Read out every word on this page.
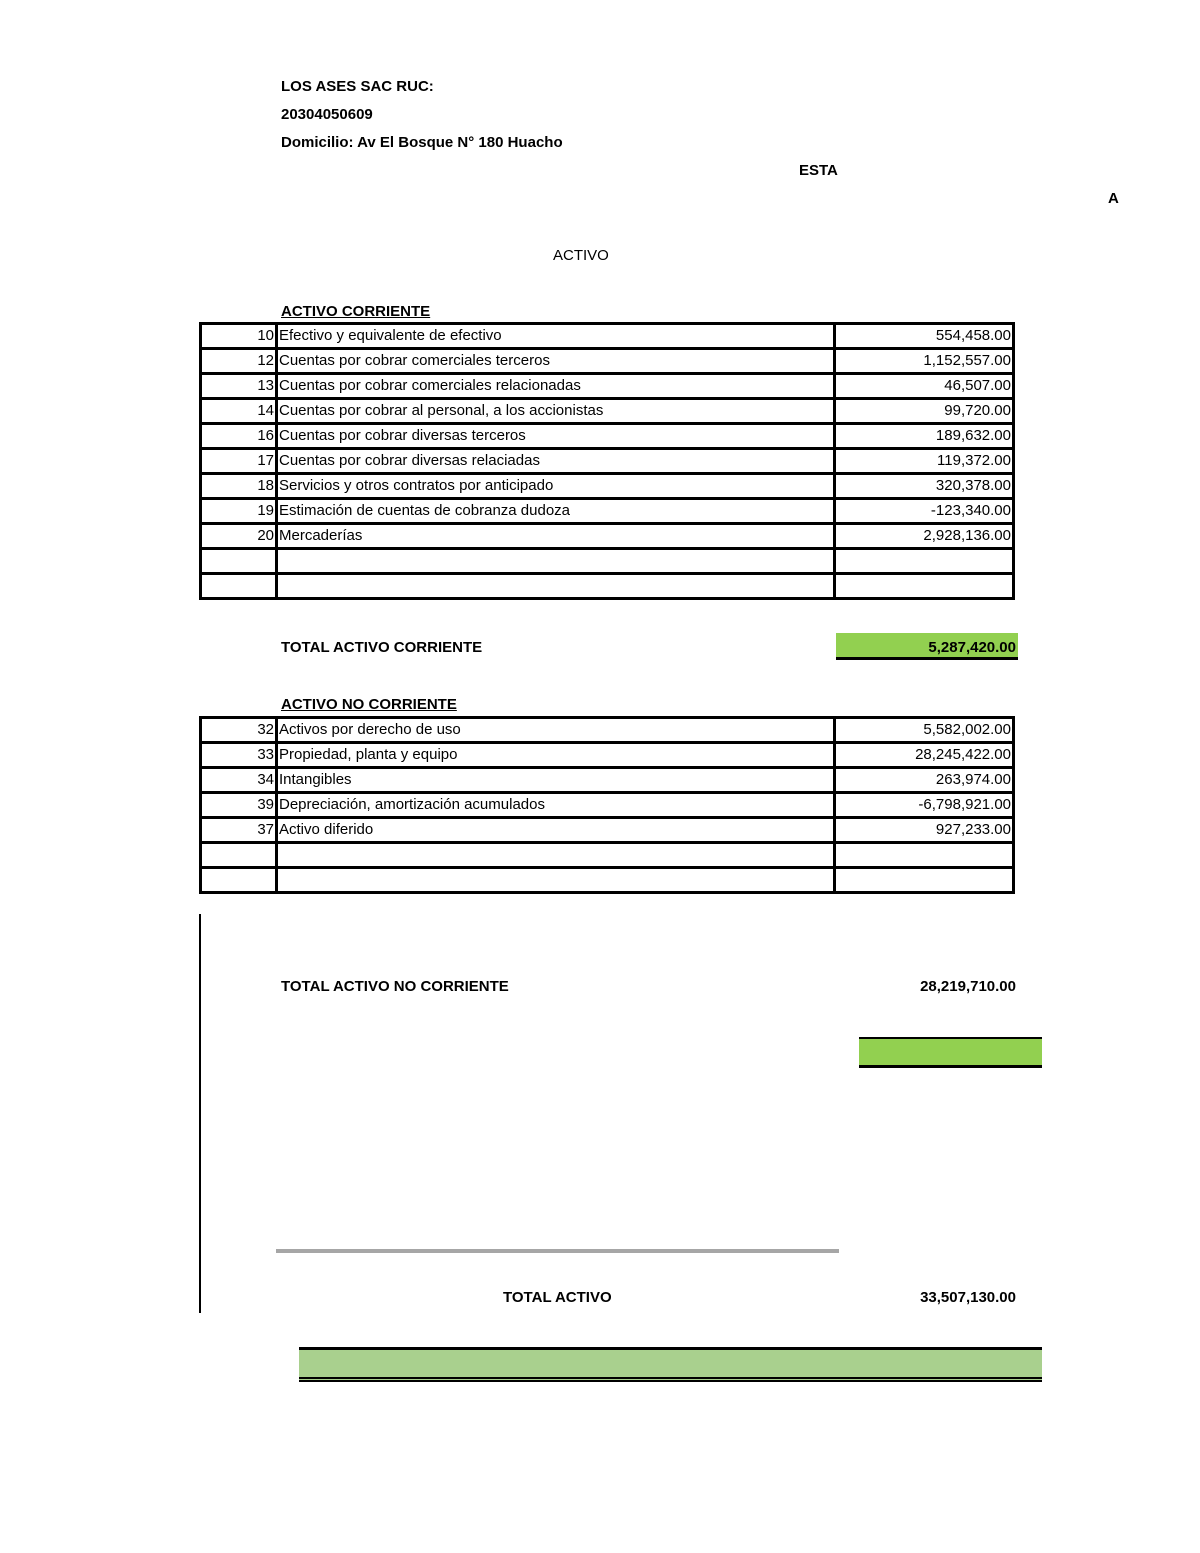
LOS ASES SAC RUC:
20304050609
Domicilio: Av El Bosque N° 180 Huacho
ESTA
A
ACTIVO
ACTIVO CORRIENTE
10	Efectivo y equivalente de efectivo	554,458.00
12	Cuentas por cobrar comerciales terceros	1,152,557.00
13	Cuentas por cobrar comerciales relacionadas	46,507.00
14	Cuentas por cobrar al personal, a los accionistas	99,720.00
16	Cuentas por cobrar diversas terceros	189,632.00
17	Cuentas por cobrar diversas relaciadas	119,372.00
18	Servicios y otros contratos por anticipado	320,378.00
19	Estimación de cuentas de cobranza dudoza	-123,340.00
20	Mercaderías	2,928,136.00

TOTAL ACTIVO CORRIENTE	5,287,420.00
ACTIVO NO CORRIENTE
32	Activos por derecho de uso	5,582,002.00
33	Propiedad, planta y equipo	28,245,422.00
34	Intangibles	263,974.00
39	Depreciación, amortización acumulados	-6,798,921.00
37	Activo diferido	927,233.00

TOTAL ACTIVO NO CORRIENTE	28,219,710.00
TOTAL ACTIVO	33,507,130.00
